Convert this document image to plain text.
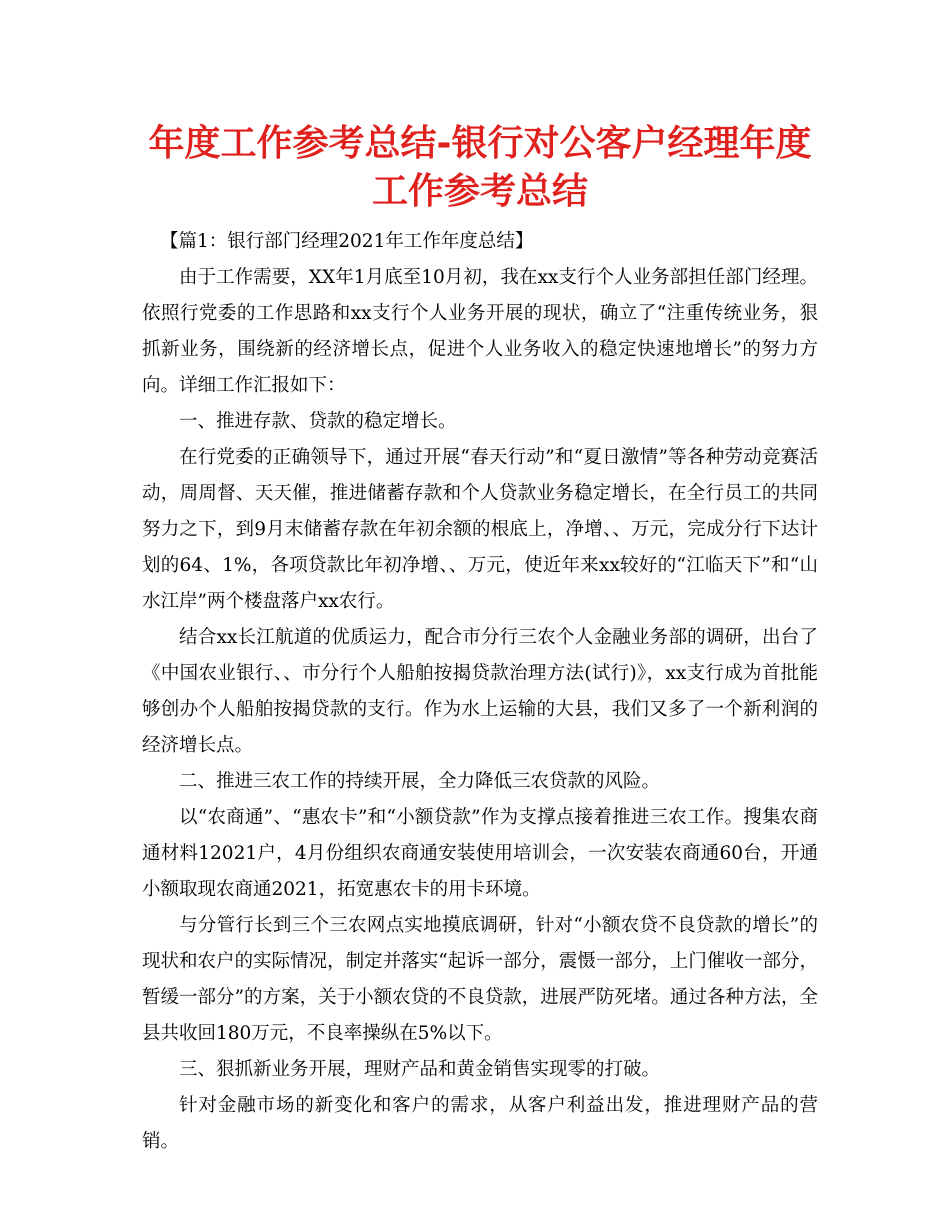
年度工作参考总结-银行对公客户经理年度工作参考总结

【篇1：银行部门经理2021年工作年度总结】

由于工作需要，XX年1月底至10月初，我在xx支行个人业务部担任部门经理。依照行党委的工作思路和xx支行个人业务开展的现状，确立了“注重传统业务，狠抓新业务，围绕新的经济增长点，促进个人业务收入的稳定快速地增长”的努力方向。详细工作汇报如下：

一、推进存款、贷款的稳定增长。

在行党委的正确领导下，通过开展“春天行动”和“夏日激情”等各种劳动竞赛活动，周周督、天天催，推进储蓄存款和个人贷款业务稳定增长，在全行员工的共同努力之下，到9月末储蓄存款在年初余额的根底上，净增、、万元，完成分行下达计划的64、1%，各项贷款比年初净增、、万元，使近年来xx较好的“江临天下”和“山水江岸”两个楼盘落户xx农行。

结合xx长江航道的优质运力，配合市分行三农个人金融业务部的调研，出台了《中国农业银行、、市分行个人船舶按揭贷款治理方法(试行)》，xx支行成为首批能够创办个人船舶按揭贷款的支行。作为水上运输的大县，我们又多了一个新利润的经济增长点。

二、推进三农工作的持续开展，全力降低三农贷款的风险。

以“农商通”、“惠农卡”和“小额贷款”作为支撑点接着推进三农工作。搜集农商通材料12021户，4月份组织农商通安装使用培训会，一次安装农商通60台，开通小额取现农商通2021，拓宽惠农卡的用卡环境。

与分管行长到三个三农网点实地摸底调研，针对“小额农贷不良贷款的增长”的现状和农户的实际情况，制定并落实“起诉一部分，震慑一部分，上门催收一部分，暂缓一部分”的方案，关于小额农贷的不良贷款，进展严防死堵。通过各种方法，全县共收回180万元，不良率操纵在5%以下。

三、狠抓新业务开展，理财产品和黄金销售实现零的打破。

针对金融市场的新变化和客户的需求，从客户利益出发，推进理财产品的营销。
